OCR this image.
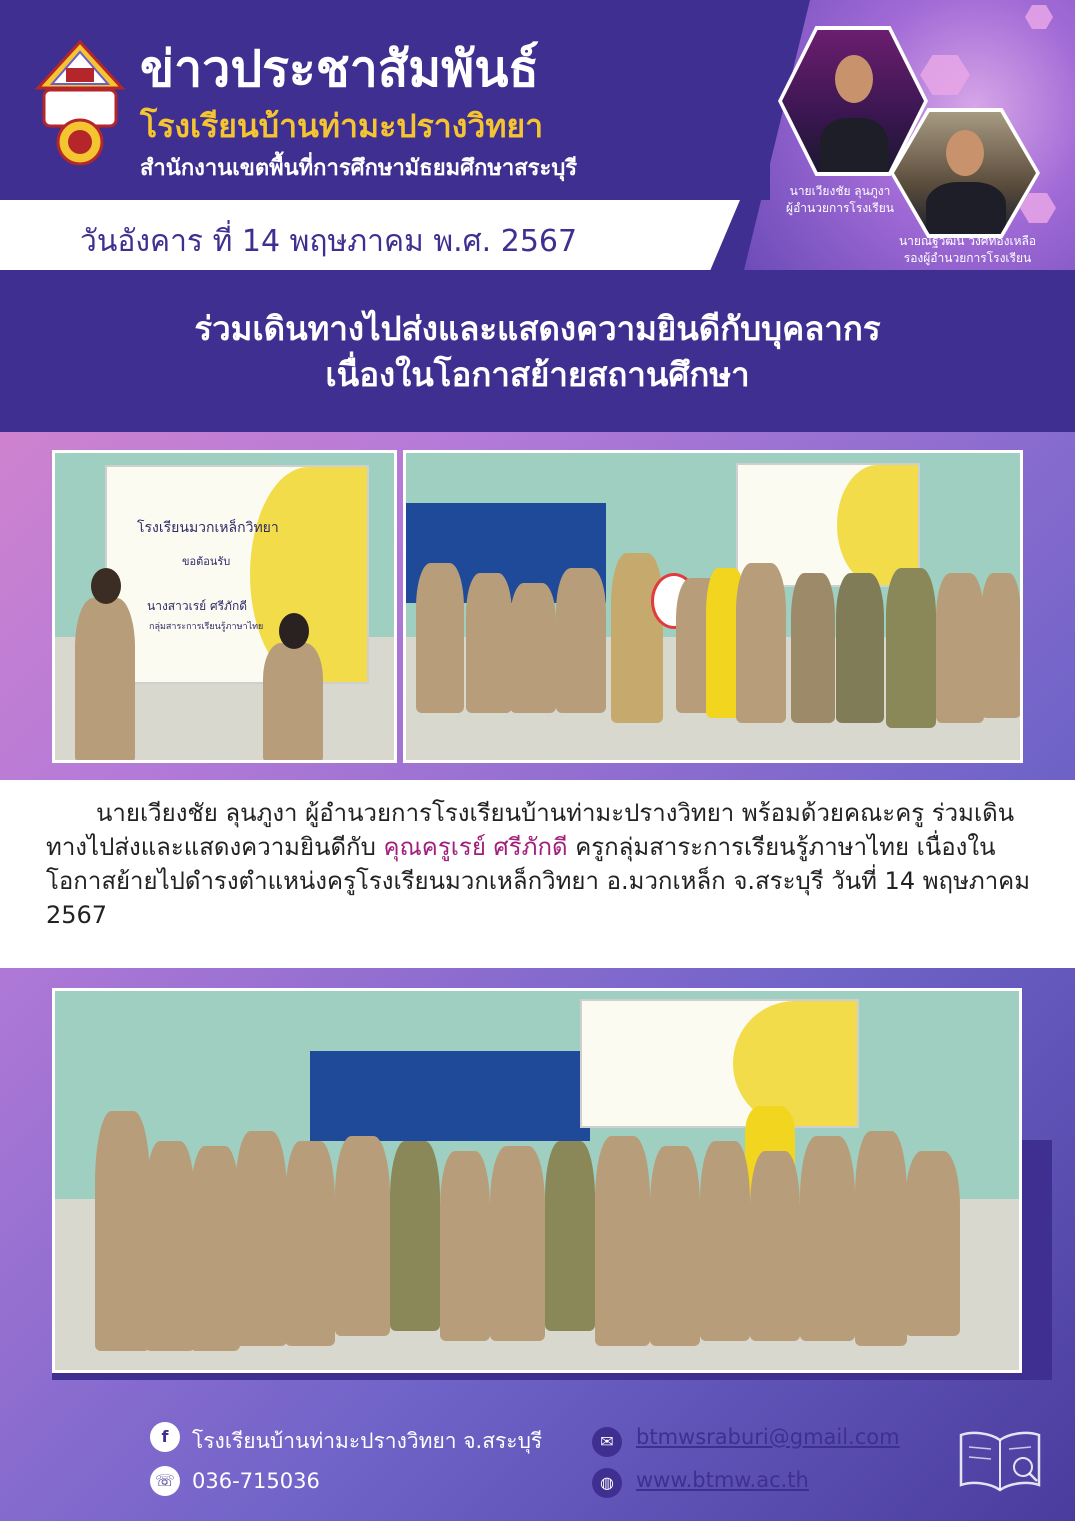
ข่าวประชาสัมพันธ์
โรงเรียนบ้านท่ามะปรางวิทยา
สำนักงานเขตพื้นที่การศึกษามัธยมศึกษาสระบุรี
วันอังคาร ที่ 14 พฤษภาคม พ.ศ. 2567
นายเวียงชัย ลุนภูงา
ผู้อำนวยการโรงเรียน
นายณัฐวัฒน์ วงศ์ทองเหลือ
รองผู้อำนวยการโรงเรียน
ร่วมเดินทางไปส่งและแสดงความยินดีกับบุคลากร
เนื่องในโอกาสย้ายสถานศึกษา
โรงเรียนมวกเหล็กวิทยา
ขอต้อนรับ
นางสาวเรย์ ศรีภักดี
กลุ่มสาระการเรียนรู้ภาษาไทย
นายเวียงชัย ลุนภูงา ผู้อำนวยการโรงเรียนบ้านท่ามะปรางวิทยา พร้อมด้วยคณะครู ร่วมเดินทางไปส่งและแสดงความยินดีกับ คุณครูเรย์ ศรีภักดี ครูกลุ่มสาระการเรียนรู้ภาษาไทย เนื่องในโอกาสย้ายไปดำรงตำแหน่งครูโรงเรียนมวกเหล็กวิทยา อ.มวกเหล็ก จ.สระบุรี วันที่ 14 พฤษภาคม 2567
f	โรงเรียนบ้านท่ามะปรางวิทยา จ.สระบุรี
☏ 036-715036
✉	btmwsraburi@gmail.com
◍	www.btmw.ac.th
